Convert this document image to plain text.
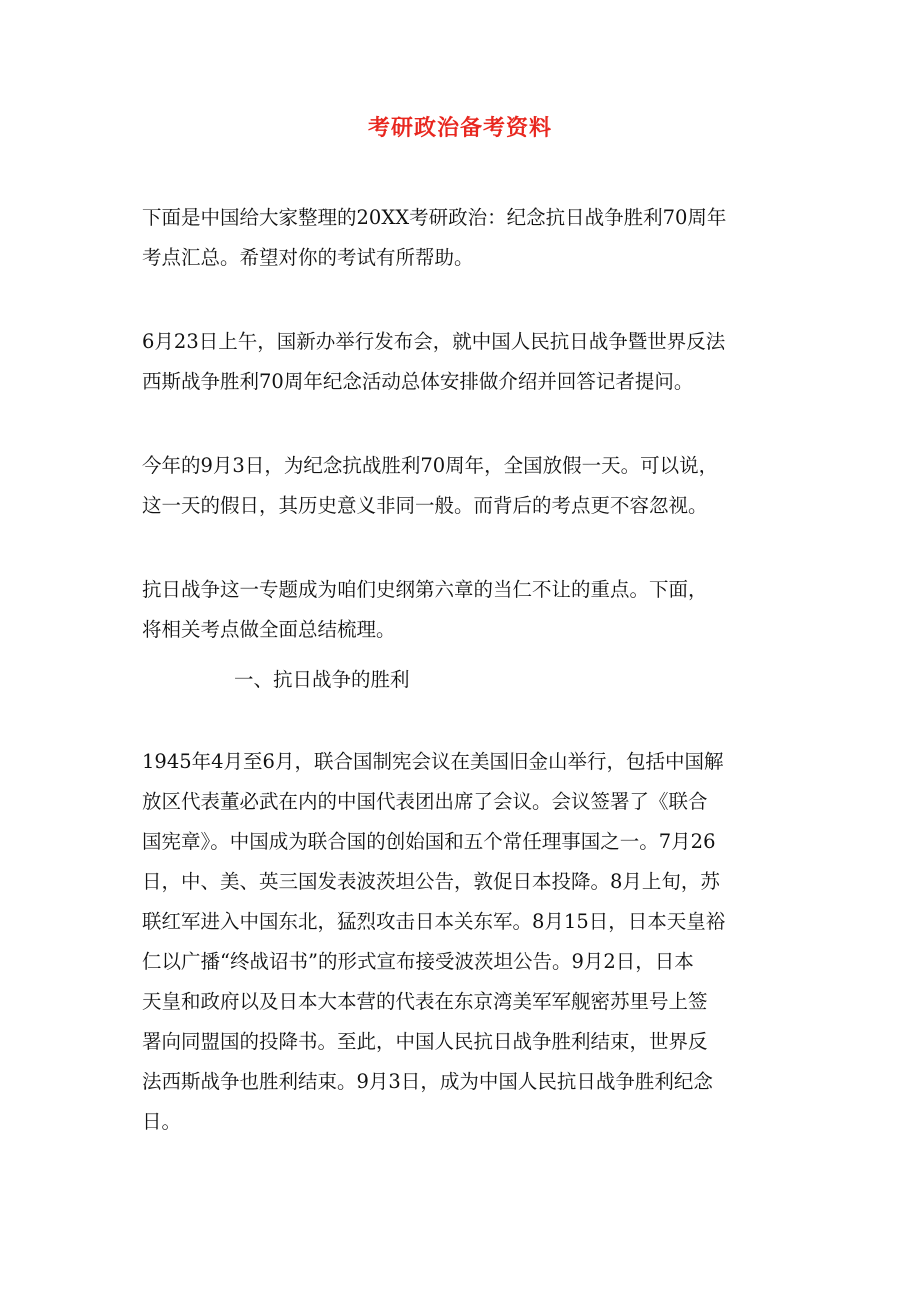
考研政治备考资料
下面是中国给大家整理的20XX考研政治：纪念抗日战争胜利70周年
考点汇总。希望对你的考试有所帮助。
6月23日上午，国新办举行发布会，就中国人民抗日战争暨世界反法
西斯战争胜利70周年纪念活动总体安排做介绍并回答记者提问。
今年的9月3日，为纪念抗战胜利70周年，全国放假一天。可以说，
这一天的假日，其历史意义非同一般。而背后的考点更不容忽视。
抗日战争这一专题成为咱们史纲第六章的当仁不让的重点。下面，
将相关考点做全面总结梳理。
一、抗日战争的胜利
1945年4月至6月，联合国制宪会议在美国旧金山举行，包括中国解
放区代表董必武在内的中国代表团出席了会议。会议签署了《联合
国宪章》。中国成为联合国的创始国和五个常任理事国之一。7月26
日，中、美、英三国发表波茨坦公告，敦促日本投降。8月上旬，苏
联红军进入中国东北，猛烈攻击日本关东军。8月15日，日本天皇裕
仁以广播“终战诏书”的形式宣布接受波茨坦公告。9月2日，日本
天皇和政府以及日本大本营的代表在东京湾美军军舰密苏里号上签
署向同盟国的投降书。至此，中国人民抗日战争胜利结束，世界反
法西斯战争也胜利结束。9月3日，成为中国人民抗日战争胜利纪念
日。
